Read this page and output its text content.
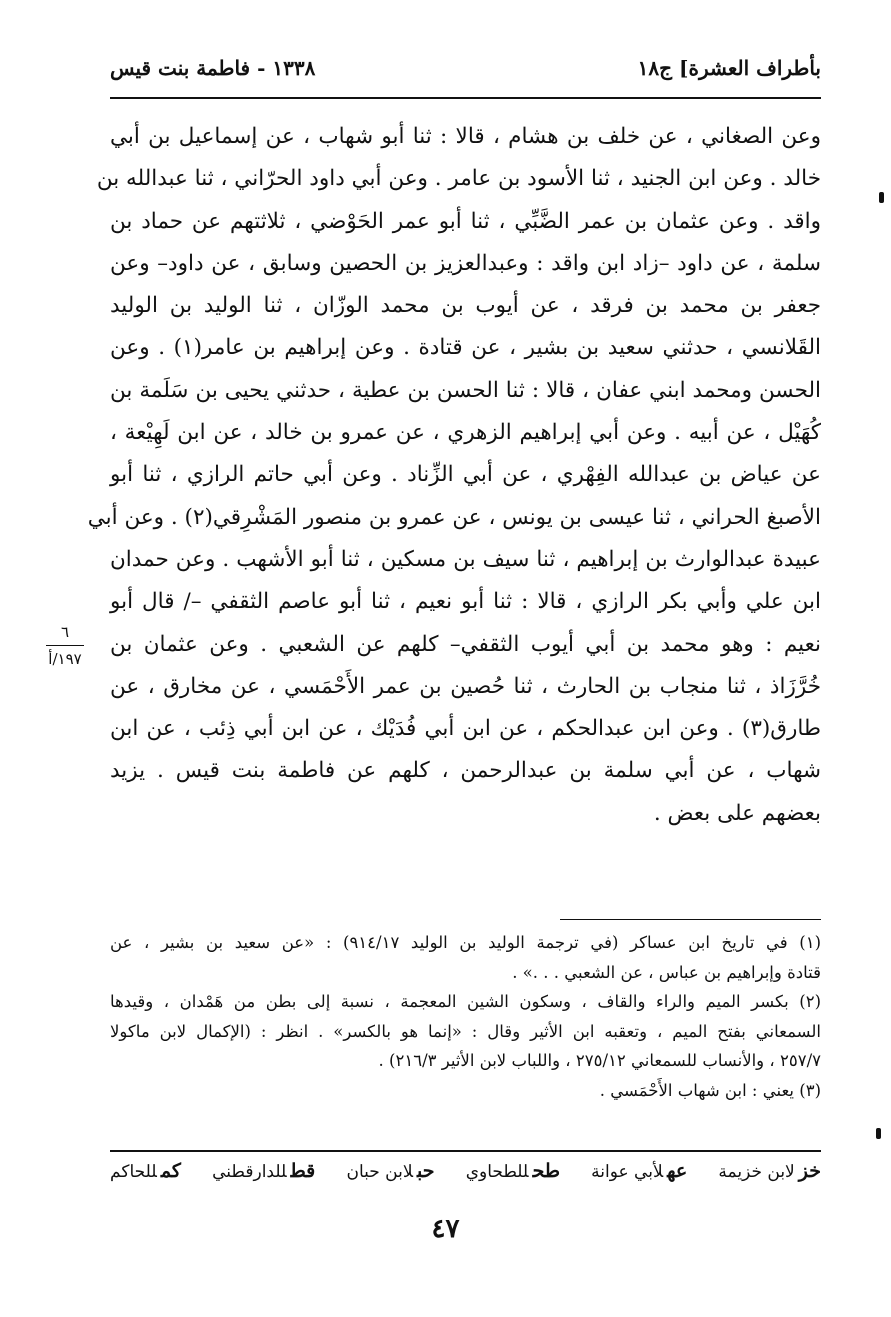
بأطراف العشرة] ج١٨
١٣٣٨ - فاطمة بنت قيس
وعن الصغاني ، عن خلف بن هشام ، قالا : ثنا أبو شهاب ، عن إسماعيل بن أبي
خالد . وعن ابن الجنيد ، ثنا الأسود بن عامر . وعن أبي داود الحرّاني ، ثنا عبدالله بن
واقد . وعن عثمان بن عمر الضَّبِّي ، ثنا أبو عمر الحَوْضي ، ثلاثتهم عن حماد بن
سلمة ، عن داود –زاد ابن واقد : وعبدالعزيز بن الحصين وسابق ، عن داود– وعن
جعفر بن محمد بن فرقد ، عن أيوب بن محمد الوزّان ، ثنا الوليد بن الوليد
القَلانسي ، حدثني سعيد بن بشير ، عن قتادة . وعن إبراهيم بن عامر(١) . وعن
الحسن ومحمد ابني عفان ، قالا : ثنا الحسن بن عطية ، حدثني يحيى بن سَلَمة بن
كُهَيْل ، عن أبيه . وعن أبي إبراهيم الزهري ، عن عمرو بن خالد ، عن ابن لَهِيْعة ،
عن عياض بن عبدالله الفِهْري ، عن أبي الزِّناد . وعن أبي حاتم الرازي ، ثنا أبو
الأصبغ الحراني ، ثنا عيسى بن يونس ، عن عمرو بن منصور المَشْرِقي(٢) . وعن أبي
عبيدة عبدالوارث بن إبراهيم ، ثنا سيف بن مسكين ، ثنا أبو الأشهب . وعن حمدان
ابن علي وأبي بكر الرازي ، قالا : ثنا أبو نعيم ، ثنا أبو عاصم الثقفي –/ قال أبو
نعيم : وهو محمد بن أبي أيوب الثقفي– كلهم عن الشعبي . وعن عثمان بن
خُرَّزَاذ ، ثنا منجاب بن الحارث ، ثنا حُصين بن عمر الأَحْمَسي ، عن مخارق ، عن
طارق(٣) . وعن ابن عبدالحكم ، عن ابن أبي فُدَيْك ، عن ابن أبي ذِئب ، عن ابن
شهاب ، عن أبي سلمة بن عبدالرحمن ، كلهم عن فاطمة بنت قيس . يزيد
بعضهم على بعض .
٦
١٩٧/أ
(١) في تاريخ ابن عساكر (في ترجمة الوليد بن الوليد ٩١٤/١٧) : «عن سعيد بن بشير ، عن
قتادة وإبراهيم بن عباس ، عن الشعبي . . .» .
(٢) بكسر الميم والراء والقاف ، وسكون الشين المعجمة ، نسبة إلى بطن من هَمْدان ، وقيدها
السمعاني بفتح الميم ، وتعقبه ابن الأثير وقال : «إنما هو بالكسر» . انظر : (الإكمال لابن ماكولا
٢٥٧/٧ ، والأنساب للسمعاني ٢٧٥/١٢ ، واللباب لابن الأثير ٢١٦/٣) .
(٣) يعني : ابن شهاب الأَحْمَسي .
خزلابن خزيمة
عهلأبي عوانة
طحللطحاوي
حبلابن حبان
قطللدارقطني
كمللحاكم
٤٧
